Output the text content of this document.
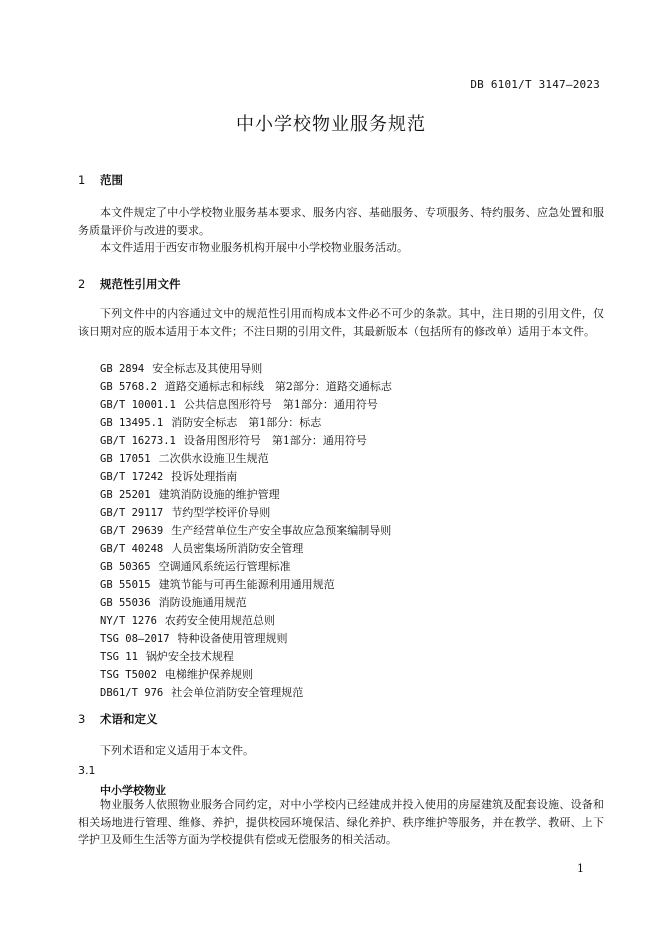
DB 6101/T 3147—2023
中小学校物业服务规范
1 范围
本文件规定了中小学校物业服务基本要求、服务内容、基础服务、专项服务、特约服务、应急处置和服务质量评价与改进的要求。
本文件适用于西安市物业服务机构开展中小学校物业服务活动。
2 规范性引用文件
下列文件中的内容通过文中的规范性引用而构成本文件必不可少的条款。其中，注日期的引用文件，仅该日期对应的版本适用于本文件；不注日期的引用文件，其最新版本（包括所有的修改单）适用于本文件。
GB 2894 安全标志及其使用导则
GB 5768.2 道路交通标志和标线　第2部分：道路交通标志
GB/T 10001.1 公共信息图形符号　第1部分：通用符号
GB 13495.1 消防安全标志　第1部分：标志
GB/T 16273.1 设备用图形符号　第1部分：通用符号
GB 17051 二次供水设施卫生规范
GB/T 17242 投诉处理指南
GB 25201 建筑消防设施的维护管理
GB/T 29117 节约型学校评价导则
GB/T 29639 生产经营单位生产安全事故应急预案编制导则
GB/T 40248 人员密集场所消防安全管理
GB 50365 空调通风系统运行管理标准
GB 55015 建筑节能与可再生能源利用通用规范
GB 55036 消防设施通用规范
NY/T 1276 农药安全使用规范总则
TSG 08—2017 特种设备使用管理规则
TSG 11 锅炉安全技术规程
TSG T5002 电梯维护保养规则
DB61/T 976 社会单位消防安全管理规范
3 术语和定义
下列术语和定义适用于本文件。
3.1
中小学校物业
物业服务人依照物业服务合同约定，对中小学校内已经建成并投入使用的房屋建筑及配套设施、设备和相关场地进行管理、维修、养护，提供校园环境保洁、绿化养护、秩序维护等服务，并在教学、教研、上下学护卫及师生生活等方面为学校提供有偿或无偿服务的相关活动。
1
